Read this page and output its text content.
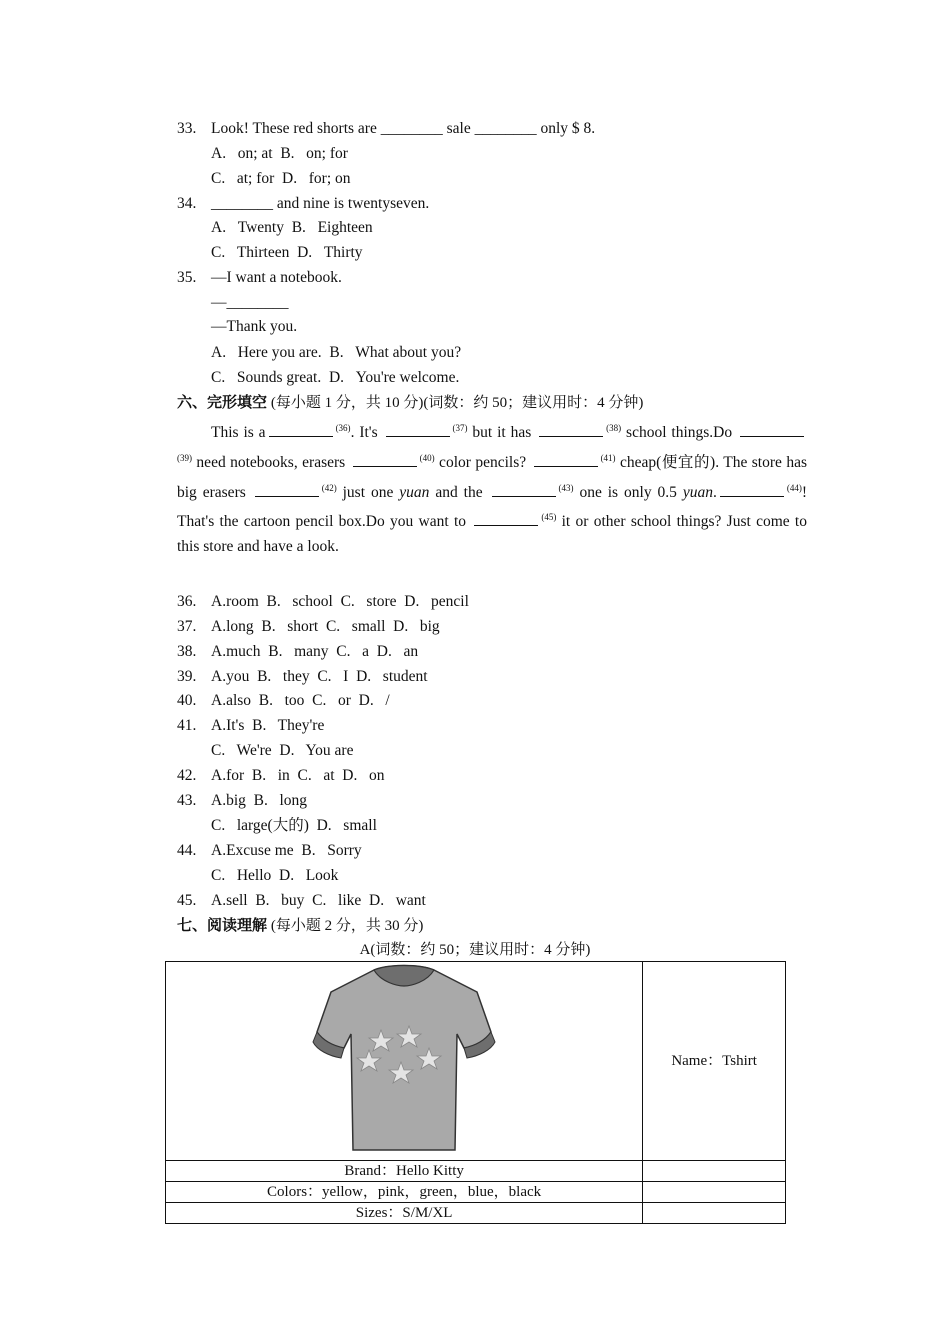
33. Look! These red shorts are ________ sale ________ only $ 8.
A. on; at B. on; for
C. at; for D. for; on
34. ________ and nine is twentyseven.
A. Twenty B. Eighteen
C. Thirteen D. Thirty
35. —I want a notebook.
—________
—Thank you.
A. Here you are. B. What about you?
C. Sounds great. D. You're welcome.
六、完形填空 (每小题 1 分，共 10 分)(词数：约 50；建议用时：4 分钟)

This is a	$^{(36)}$. It's	$^{(37)}$ but it has	$^{(38)}$ school things.Do $^{(39)}$ need notebooks, erasers	$^{(40)}$ color pencils?	$^{(41)}$ cheap(便宜的). The store has big erasers	$^{(42)}$ just one yuan and the	$^{(43)}$ one is only 0.5 yuan.	$^{(44)}$! That's the cartoon pencil box.Do you want to	$^{(45)}$ it or other school things? Just come to this store and have a look.

36. A.room  B.   school  C.   store  D.   pencil
37. A.long  B.   short  C.   small  D.   big
38. A.much  B.   many  C.   a  D.   an
39. A.you  B.   they  C.   I  D.   student
40. A.also  B.   too  C.   or  D.   /
41. A.It's  B.   They're
C.   We're  D.   You are
42. A.for  B.   in  C.   at  D.   on
43. A.big  B.   long
C.   large(大的)  D.   small
44. A.Excuse me  B.   Sorry
C.   Hello  D.   Look
45. A.sell  B.   buy  C.   like  D.   want
七、阅读理解 (每小题 2 分，共 30 分)
A(词数：约 50；建议用时：4 分钟)
	Name：Tshirt
Brand：Hello Kitty	
Colors：yellow，pink，green，blue，black	
Sizes：S/M/XL	
